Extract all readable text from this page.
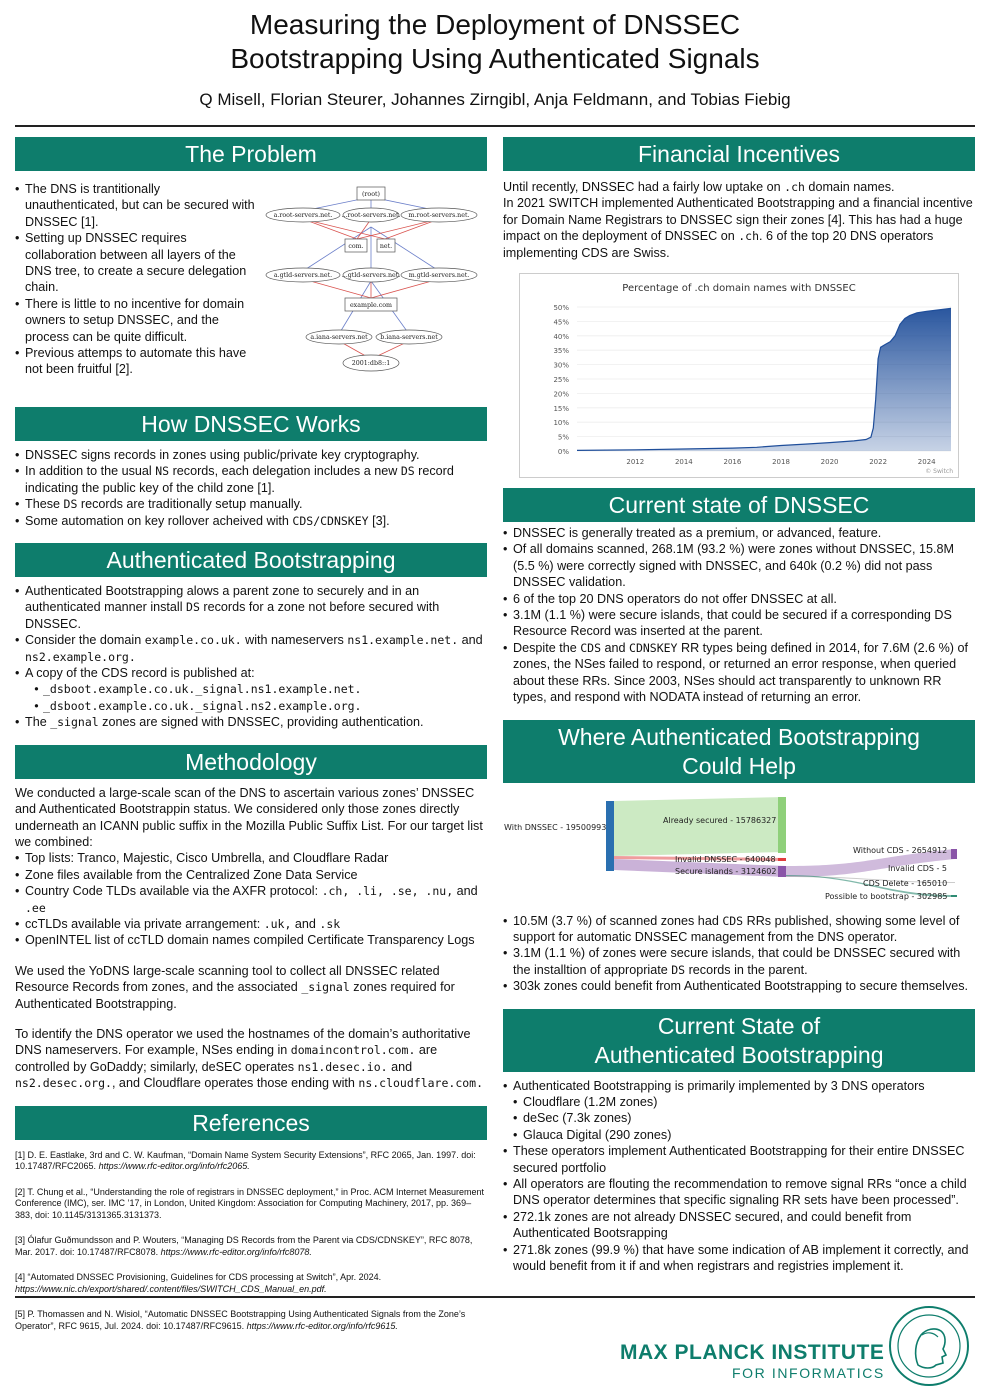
Measuring the Deployment of DNSSEC
Bootstrapping Using Authenticated Signals
Q Misell, Florian Steurer, Johannes Zirngibl, Anja Feldmann, and Tobias Fiebig
The Problem
• The DNS is trantitionally unauthenticated, but can be secured with DNSSEC [1].
• Setting up DNSSEC requires collaboration between all layers of the DNS tree, to create a secure delegation chain.
• There is little to no incentive for domain owners to setup DNSSEC, and the process can be quite difficult.
• Previous attemps to automate this have not been fruitful [2].
(root)
a.root-servers.net. ...root-servers.net. m.root-servers.net.
com.	net.
a.gtld-servers.net. ...gtld-servers.net. m.gtld-servers.net.
example.com
a.iana-servers.net b.iana-servers.net
2001:db8::1
How DNSSEC Works
• DNSSEC signs records in zones using public/private key cryptography.
• In addition to the usual NS records, each delegation includes a new DS record indicating the public key of the child zone [1].
• These DS records are traditionally setup manually.
• Some automation on key rollover acheived with CDS/CDNSKEY [3].
Authenticated Bootstrapping
• Authenticated Bootstrapping alows a parent zone to securely and in an authenticated manner install DS records for a zone not before secured with DNSSEC.
• Consider the domain example.co.uk. with nameservers ns1.example.net. and ns2.example.org.
• A copy of the CDS record is published at:
• _dsboot.example.co.uk._signal.ns1.example.net.
• _dsboot.example.co.uk._signal.ns2.example.org.
• The _signal zones are signed with DNSSEC, providing authentication.
Methodology

We conducted a large-scale scan of the DNS to ascertain various zones’ DNSSEC and Authenticated Bootstrappin status. We considered only those zones directly underneath an ICANN public suffix in the Mozilla Public Suffix List. For our target list we combined:

• Top lists: Tranco, Majestic, Cisco Umbrella, and Cloudflare Radar
• Zone files available from the Centralized Zone Data Service
• Country Code TLDs available via the AXFR protocol: .ch, .li, .se, .nu, and .ee
• ccTLDs available via private arrangement: .uk, and .sk
• OpenINTEL list of ccTLD domain names compiled Certificate Transparency Logs

We used the YoDNS large-scale scanning tool to collect all DNSSEC related Resource Records from zones, and the associated _signal zones required for Authenticated Bootstrapping.

To identify the DNS operator we used the hostnames of the domain’s authoritative DNS nameservers. For example, NSes ending in domaincontrol.com. are controlled by GoDaddy; similarly, deSEC operates ns1.desec.io. and ns2.desec.org., and Cloudflare operates those ending with ns.cloudflare.com.

References

[1] D. E. Eastlake, 3rd and C. W. Kaufman, “Domain Name System Security Extensions”, RFC 2065, Jan. 1997. doi: 10.17487/RFC2065. https://www.rfc-editor.org/info/rfc2065.

[2] T. Chung et al., “Understanding the role of registrars in DNSSEC deployment,” in Proc. ACM Internet Measurement Conference (IMC), ser. IMC ’17, in London, United Kingdom: Association for Computing Machinery, 2017, pp. 369–383, doi: 10.1145/3131365.3131373.

[3] Ólafur Guðmundsson and P. Wouters, “Managing DS Records from the Parent via CDS/CDNSKEY”, RFC 8078, Mar. 2017. doi: 10.17487/RFC8078. https://www.rfc-editor.org/info/rfc8078.

[4] “Automated DNSSEC Provisioning, Guidelines for CDS processing at Switch”, Apr. 2024. https://www.nic.ch/export/shared/.content/files/SWITCH_CDS_Manual_en.pdf.

[5] P. Thomassen and N. Wisiol, “Automatic DNSSEC Bootstrapping Using Authenticated Signals from the Zone’s Operator”, RFC 9615, Jul. 2024. doi: 10.17487/RFC9615. https://www.rfc-editor.org/info/rfc9615.

Financial Incentives

Until recently, DNSSEC had a fairly low uptake on .ch domain names.
In 2021 SWITCH implemented Authenticated Bootstrapping and a financial incentive for Domain Name Registrars to DNSSEC sign their zones [4]. This has had a huge impact on the deployment of DNSSEC on .ch. 6 of the top 20 DNS operators implementing CDS are Swiss.

Percentage of .ch domain names with DNSSEC
0%
5%
10%
15%
20%
25%
30%
35%
40%
45%
50%
2012	2014	2016	2018	2020	2022	2024
© Switch
Current state of DNSSEC
• DNSSEC is generally treated as a premium, or advanced, feature.
• Of all domains scanned, 268.1M (93.2 %) were zones without DNSSEC, 15.8M (5.5 %) were correctly signed with DNSSEC, and 640k (0.2 %) did not pass DNSSEC validation.
• 6 of the top 20 DNS operators do not offer DNSSEC at all.
• 3.1M (1.1 %) were secure islands, that could be secured if a corresponding DS Resource Record was inserted at the parent.
• Despite the CDS and CDNSKEY RR types being defined in 2014, for 7.6M (2.6 %) of zones, the NSes failed to respond, or returned an error response, when queried about these RRs. Since 2003, NSes should act transparently to unknown RR types, and respond with NODATA instead of returning an error.
Where Authenticated Bootstrapping
Could Help
With DNSSEC - 19500993
Already secured - 15786327
Invalid DNSSEC - 640048
Secure islands - 3124602
Without CDS - 2654912
Invalid CDS - 5
CDS Delete - 165010
Possible to bootstrap - 302985
• 10.5M (3.7 %) of scanned zones had CDS RRs published, showing some level of support for automatic DNSSEC management from the DNS operator.
• 3.1M (1.1 %) of zones were secure islands, that could be DNSSEC secured with the installtion of appropriate DS records in the parent.
• 303k zones could benefit from Authenticated Bootstrapping to secure themselves.
Current State of
Authenticated Bootstrapping
• Authenticated Bootstrapping is primarily implemented by 3 DNS operators
• Cloudflare (1.2M zones)
• deSec (7.3k zones)
• Glauca Digital (290 zones)
• These operators implement Authenticated Bootstrapping for their entire DNSSEC secured portfolio
• All operators are flouting the recommendation to remove signal RRs “once a child DNS operator determines that specific signaling RR sets have been processed”.
• 272.1k zones are not already DNSSEC secured, and could benefit from Authenticated Bootsrapping
• 271.8k zones (99.9 %) that have some indication of AB implement it correctly, and would benefit from it if and when registrars and registries implement it.
MAX PLANCK INSTITUTE
FOR INFORMATICS
